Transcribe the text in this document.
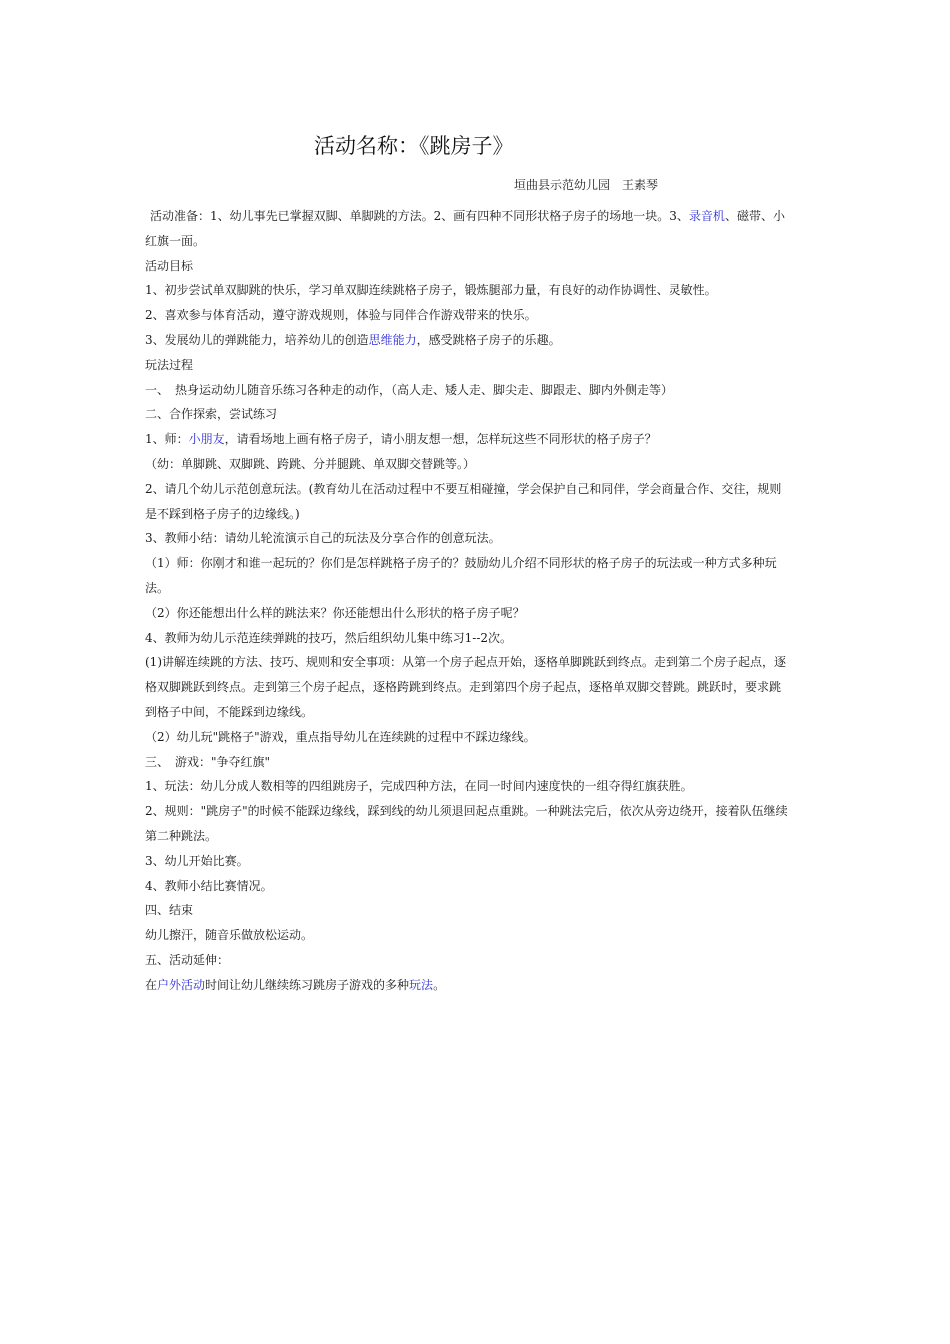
活动名称：《跳房子》
垣曲县示范幼儿园　王素琴

活动准备：1、幼儿事先已掌握双脚、单脚跳的方法。2、画有四种不同形状格子房子的场地一块。3、录音机、磁带、小红旗一面。

活动目标

1、初步尝试单双脚跳的快乐，学习单双脚连续跳格子房子，锻炼腿部力量，有良好的动作协调性、灵敏性。

2、喜欢参与体育活动，遵守游戏规则，体验与同伴合作游戏带来的快乐。

3、发展幼儿的弹跳能力，培养幼儿的创造思维能力，感受跳格子房子的乐趣。

玩法过程

一、　热身运动幼儿随音乐练习各种走的动作，（高人走、矮人走、脚尖走、脚跟走、脚内外侧走等）

二、合作探索，尝试练习

1、师：小朋友，请看场地上画有格子房子，请小朋友想一想，怎样玩这些不同形状的格子房子？

（幼：单脚跳、双脚跳、跨跳、分并腿跳、单双脚交替跳等。）

2、请几个幼儿示范创意玩法。(教育幼儿在活动过程中不要互相碰撞，学会保护自己和同伴，学会商量合作、交往，规则是不踩到格子房子的边缘线。)

3、教师小结：请幼儿轮流演示自己的玩法及分享合作的创意玩法。

（1）师：你刚才和谁一起玩的？你们是怎样跳格子房子的？鼓励幼儿介绍不同形状的格子房子的玩法或一种方式多种玩法。

（2）你还能想出什么样的跳法来？你还能想出什么形状的格子房子呢？

4、教师为幼儿示范连续弹跳的技巧，然后组织幼儿集中练习1--2次。

(1)讲解连续跳的方法、技巧、规则和安全事项：从第一个房子起点开始，逐格单脚跳跃到终点。走到第二个房子起点，逐格双脚跳跃到终点。走到第三个房子起点，逐格跨跳到终点。走到第四个房子起点，逐格单双脚交替跳。跳跃时，要求跳到格子中间，不能踩到边缘线。

（2）幼儿玩"跳格子"游戏，重点指导幼儿在连续跳的过程中不踩边缘线。

三、　游戏："争夺红旗"

1、玩法：幼儿分成人数相等的四组跳房子，完成四种方法，在同一时间内速度快的一组夺得红旗获胜。

2、规则："跳房子"的时候不能踩边缘线，踩到线的幼儿须退回起点重跳。一种跳法完后，依次从旁边绕开，接着队伍继续第二种跳法。

3、幼儿开始比赛。

4、教师小结比赛情况。

四、结束

幼儿擦汗，随音乐做放松运动。

五、活动延伸：

在户外活动时间让幼儿继续练习跳房子游戏的多种玩法。
